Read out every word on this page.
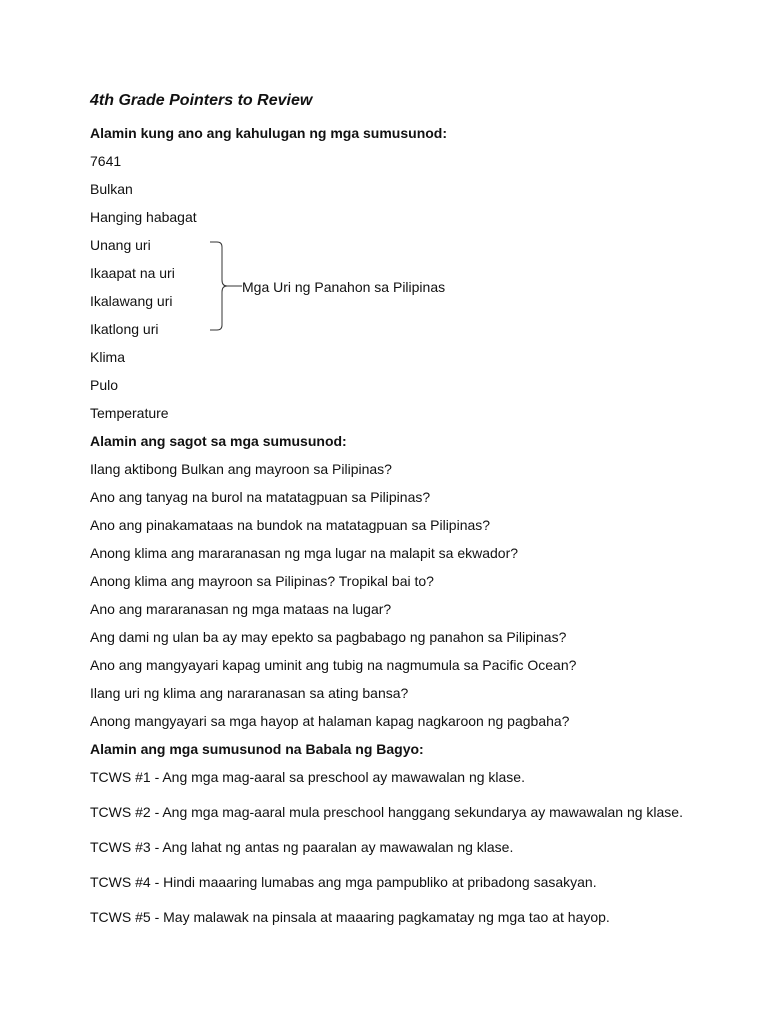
4th Grade Pointers to Review

Alamin kung ano ang kahulugan ng mga sumusunod:

7641

Bulkan

Hanging habagat

Unang uri

Ikaapat na uri

Ikalawang uri

Ikatlong uri

Klima

Pulo

Temperature

Mga Uri ng Panahon sa Pilipinas

Alamin ang sagot sa mga sumusunod:

Ilang aktibong Bulkan ang mayroon sa Pilipinas?

Ano ang tanyag na burol na matatagpuan sa Pilipinas?

Ano ang pinakamataas na bundok na matatagpuan sa Pilipinas?

Anong klima ang mararanasan ng mga lugar na malapit sa ekwador?

Anong klima ang mayroon sa Pilipinas? Tropikal bai to?

Ano ang mararanasan ng mga mataas na lugar?

Ang dami ng ulan ba ay may epekto sa pagbabago ng panahon sa Pilipinas?

Ano ang mangyayari kapag uminit ang tubig na nagmumula sa Pacific Ocean?

Ilang uri ng klima ang nararanasan sa ating bansa?

Anong mangyayari sa mga hayop at halaman kapag nagkaroon ng pagbaha?

Alamin ang mga sumusunod na Babala ng Bagyo:

TCWS #1 - Ang mga mag-aaral sa preschool ay mawawalan ng klase.

TCWS #2 - Ang mga mag-aaral mula preschool hanggang sekundarya ay mawawalan ng klase.

TCWS #3 - Ang lahat ng antas ng paaralan ay mawawalan ng klase.

TCWS #4 - Hindi maaaring lumabas ang mga pampubliko at pribadong sasakyan.

TCWS #5 - May malawak na pinsala at maaaring pagkamatay ng mga tao at hayop.
